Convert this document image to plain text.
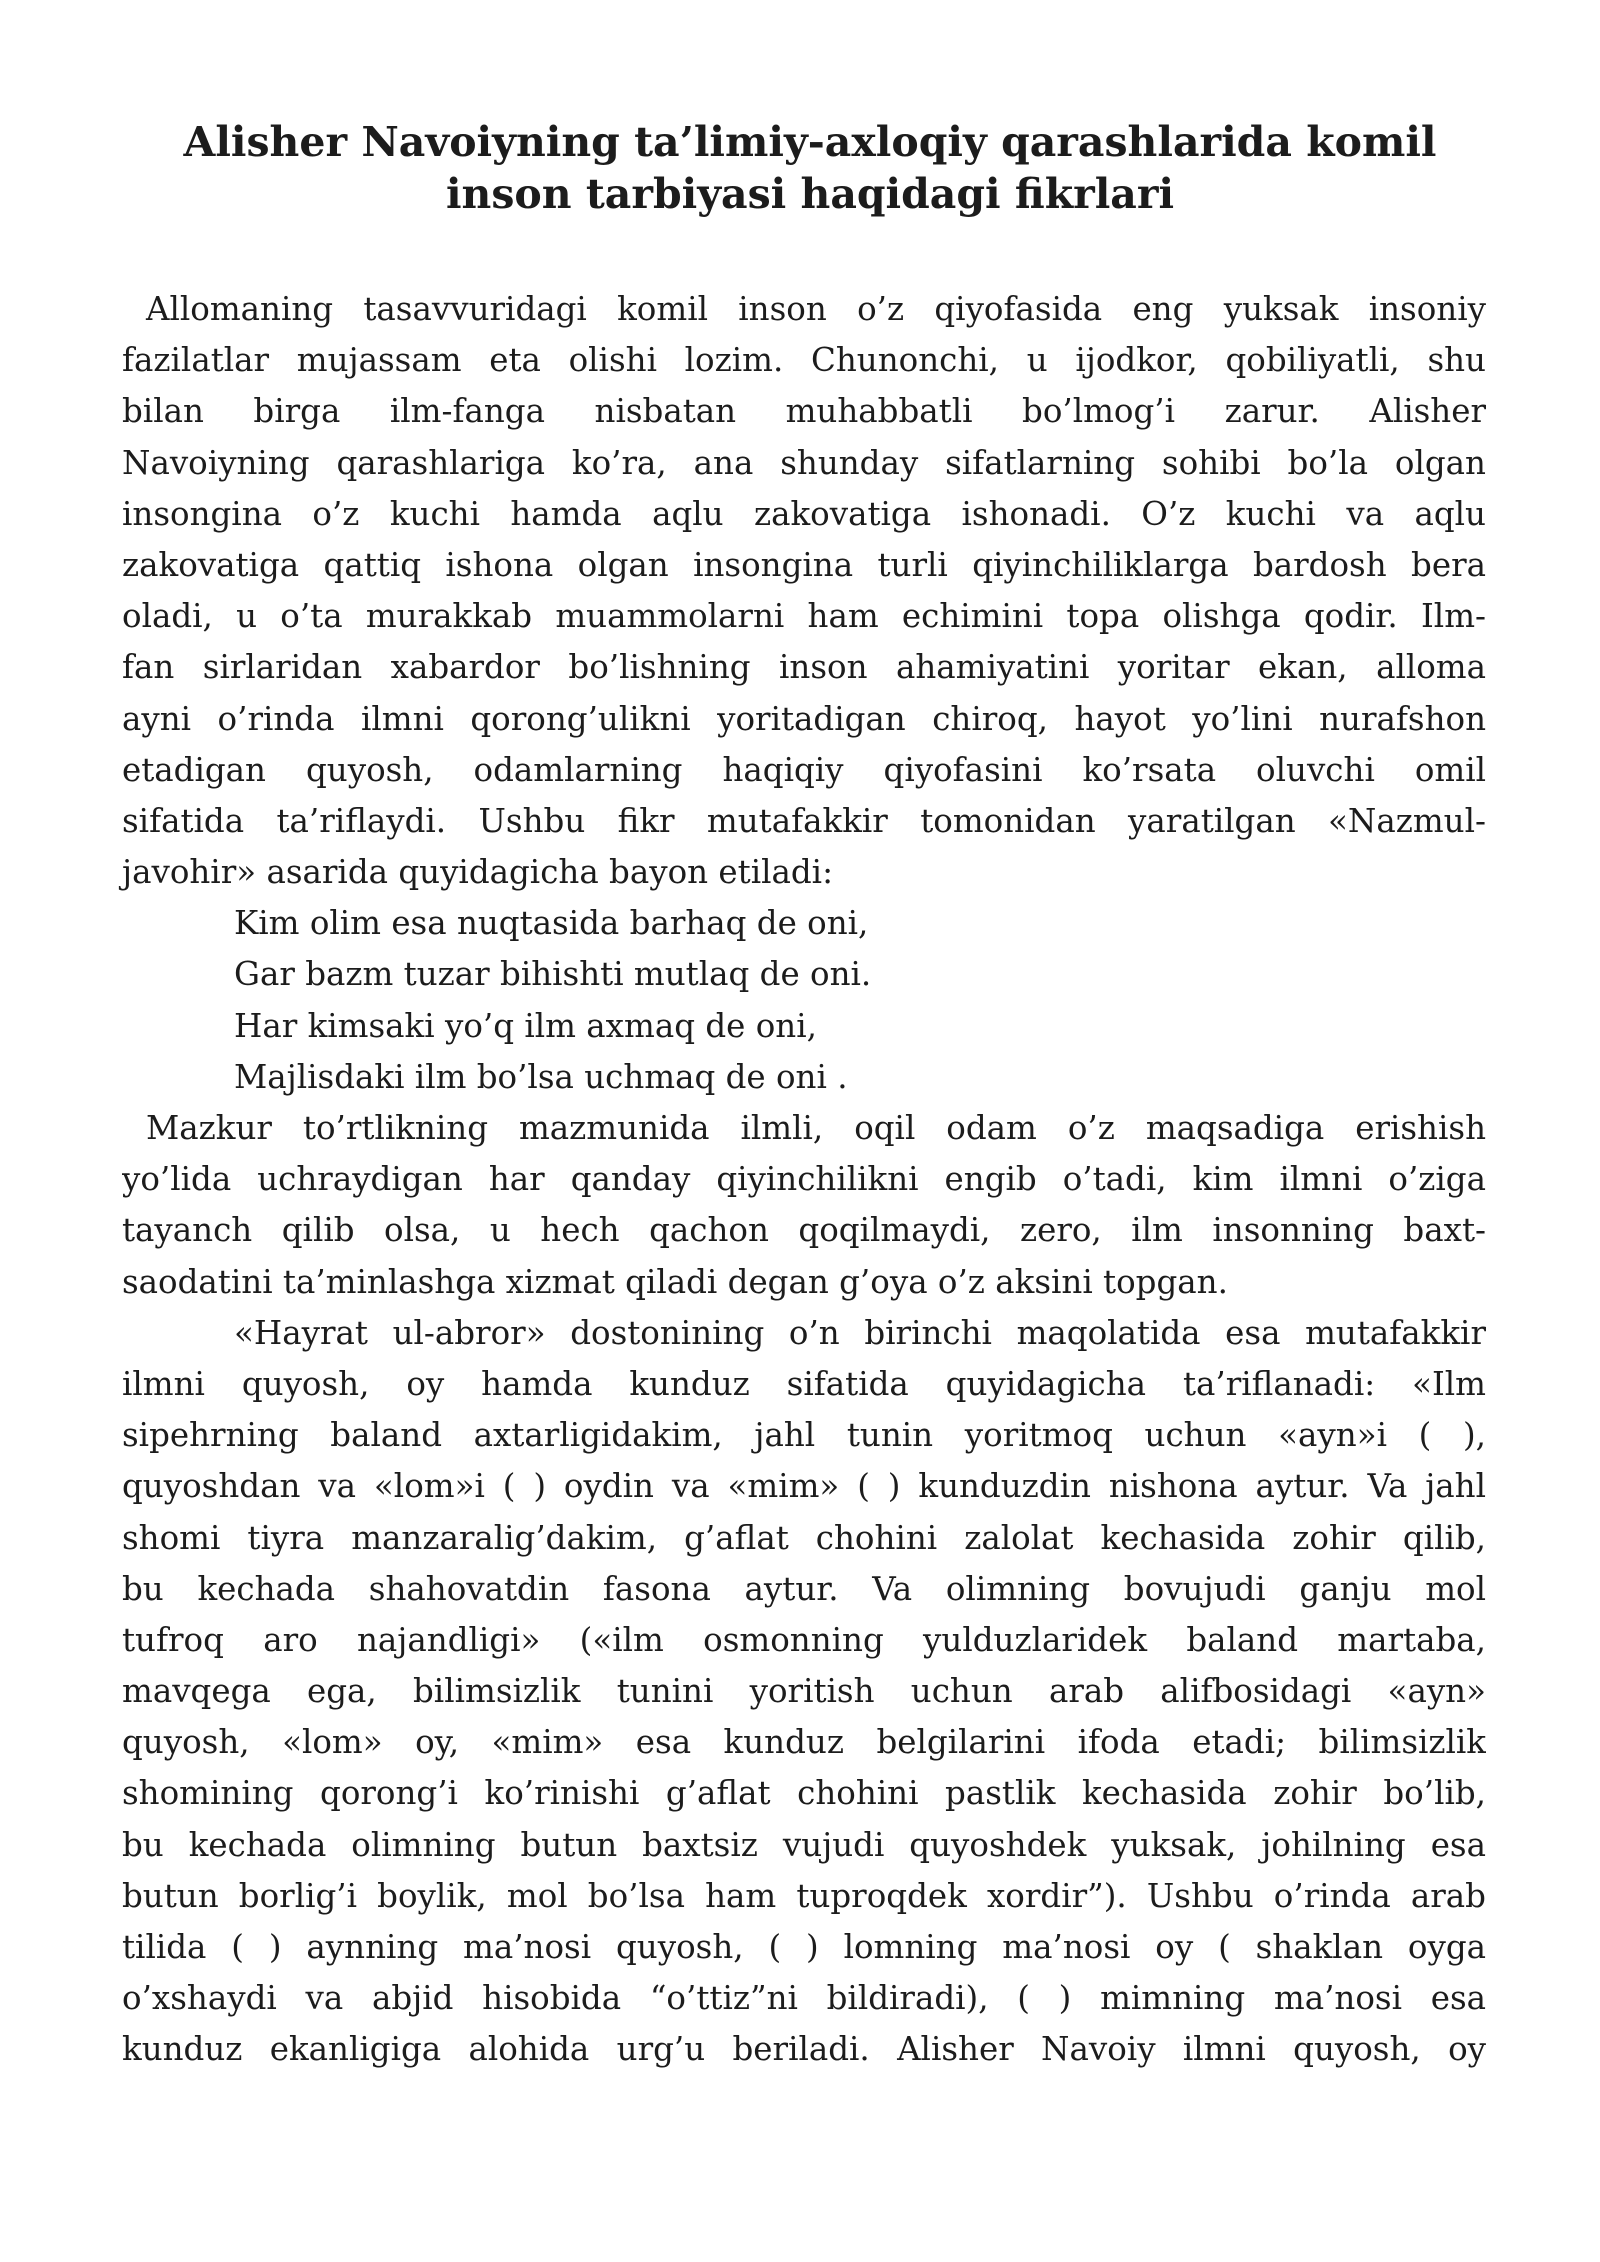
Alisher Navoiyning ta’limiy-axloqiy qarashlarida komil
inson tarbiyasi haqidagi fikrlari
Allomaning tasavvuridagi komil inson o’z qiyofasida eng yuksak insoniy
fazilatlar mujassam eta olishi lozim. Chunonchi, u ijodkor, qobiliyatli, shu
bilan birga ilm-fanga nisbatan muhabbatli bo’lmog’i zarur. Alisher
Navoiyning qarashlariga ko’ra, ana shunday sifatlarning sohibi bo’la olgan
insongina o’z kuchi hamda aqlu zakovatiga ishonadi. O’z kuchi va aqlu
zakovatiga qattiq ishona olgan insongina turli qiyinchiliklarga bardosh bera
oladi, u o’ta murakkab muammolarni ham echimini topa olishga qodir. Ilm-
fan sirlaridan xabardor bo’lishning inson ahamiyatini yoritar ekan, alloma
ayni o’rinda ilmni qorong’ulikni yoritadigan chiroq, hayot yo’lini nurafshon
etadigan quyosh, odamlarning haqiqiy qiyofasini ko’rsata oluvchi omil
sifatida ta’riflaydi. Ushbu fikr mutafakkir tomonidan yaratilgan «Nazmul-
javohir» asarida quyidagicha bayon etiladi:
Kim olim esa nuqtasida barhaq de oni,
Gar bazm tuzar bihishti mutlaq de oni.
Har kimsaki yo’q ilm axmaq de oni,
Majlisdaki ilm bo’lsa uchmaq de oni .
Mazkur to’rtlikning mazmunida ilmli, oqil odam o’z maqsadiga erishish
yo’lida uchraydigan har qanday qiyinchilikni engib o’tadi, kim ilmni o’ziga
tayanch qilib olsa, u hech qachon qoqilmaydi, zero, ilm insonning baxt-
saodatini ta’minlashga xizmat qiladi degan g’oya o’z aksini topgan.
«Hayrat ul-abror» dostonining o’n birinchi maqolatida esa mutafakkir
ilmni quyosh, oy hamda kunduz sifatida quyidagicha ta’riflanadi: «Ilm
sipehrning baland axtarligidakim, jahl tunin yoritmoq uchun «ayn»i ( ),
quyoshdan va «lom»i ( ) oydin va «mim» ( ) kunduzdin nishona aytur. Va jahl
shomi tiyra manzaralig’dakim, g’aflat chohini zalolat kechasida zohir qilib,
bu kechada shahovatdin fasona aytur. Va olimning bovujudi ganju mol
tufroq aro najandligi» («ilm osmonning yulduzlaridek baland martaba,
mavqega ega, bilimsizlik tunini yoritish uchun arab alifbosidagi «ayn»
quyosh, «lom» oy, «mim» esa kunduz belgilarini ifoda etadi; bilimsizlik
shomining qorong’i ko’rinishi g’aflat chohini pastlik kechasida zohir bo’lib,
bu kechada olimning butun baxtsiz vujudi quyoshdek yuksak, johilning esa
butun borlig’i boylik, mol bo’lsa ham tuproqdek xordir”). Ushbu o’rinda arab
tilida ( ) aynning ma’nosi quyosh, ( ) lomning ma’nosi oy ( shaklan oyga
o’xshaydi va abjid hisobida “o’ttiz”ni bildiradi), ( ) mimning ma’nosi esa
kunduz ekanligiga alohida urg’u beriladi. Alisher Navoiy ilmni quyosh, oy
